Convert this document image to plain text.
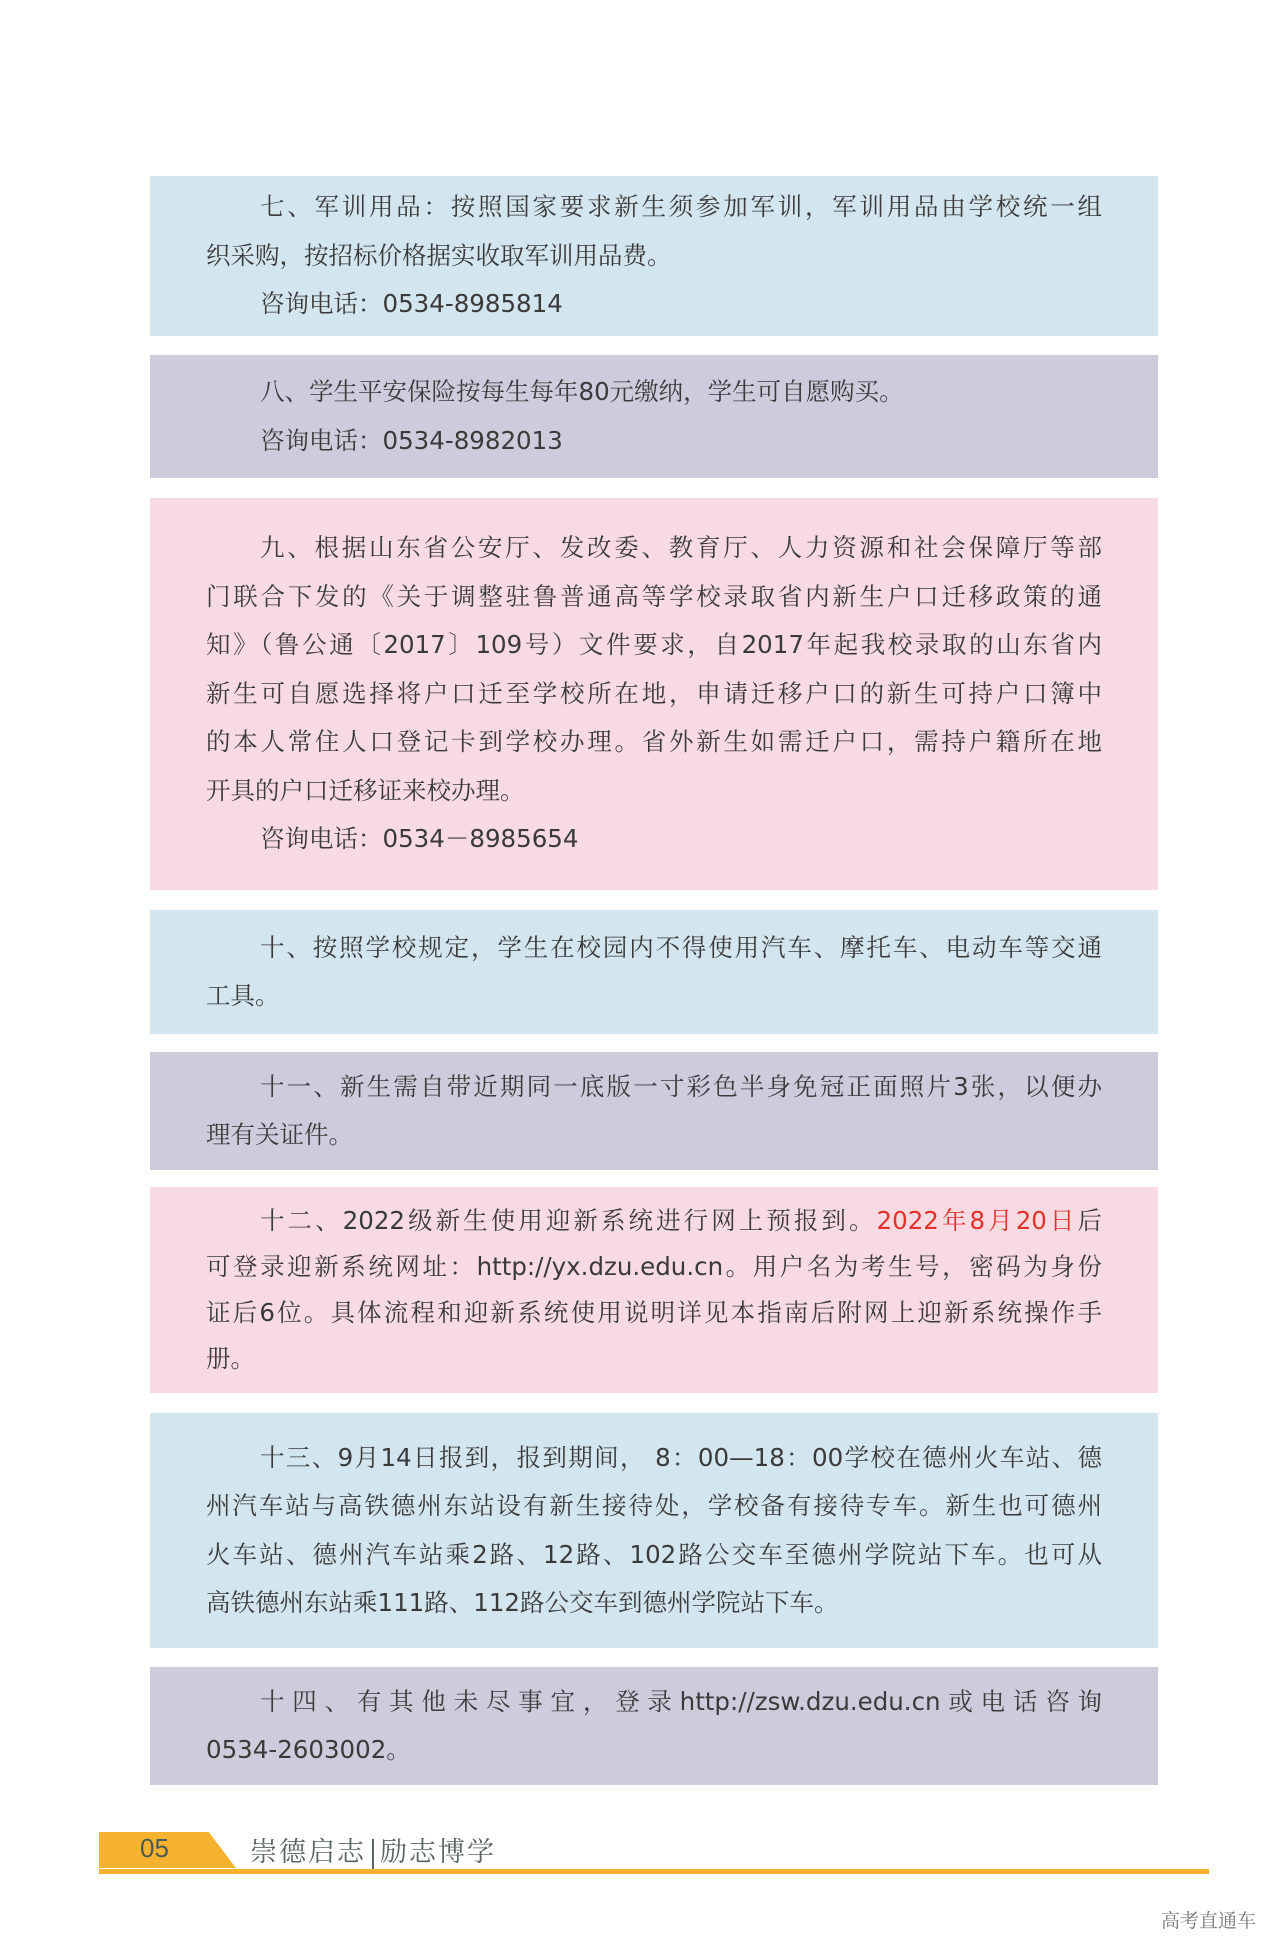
七、军训用品：按照国家要求新生须参加军训，军训用品由学校统一组
织采购，按招标价格据实收取军训用品费。
咨询电话：0534-8985814
八、学生平安保险按每生每年80元缴纳，学生可自愿购买。
咨询电话：0534-8982013
九、根据山东省公安厅、发改委、教育厅、人力资源和社会保障厅等部
门联合下发的《关于调整驻鲁普通高等学校录取省内新生户口迁移政策的通
知》（鲁公通〔2017〕109号）文件要求，自2017年起我校录取的山东省内
新生可自愿选择将户口迁至学校所在地，申请迁移户口的新生可持户口簿中
的本人常住人口登记卡到学校办理。省外新生如需迁户口，需持户籍所在地
开具的户口迁移证来校办理。
咨询电话：0534－8985654
十、按照学校规定，学生在校园内不得使用汽车、摩托车、电动车等交通
工具。
十一、新生需自带近期同一底版一寸彩色半身免冠正面照片3张，以便办
理有关证件。
十二、2022级新生使用迎新系统进行网上预报到。2022年8月20日后
可登录迎新系统网址：http://yx.dzu.edu.cn。用户名为考生号，密码为身份
证后6位。具体流程和迎新系统使用说明详见本指南后附网上迎新系统操作手
册。
十三、9月14日报到，报到期间， 8：00—18：00学校在德州火车站、德
州汽车站与高铁德州东站设有新生接待处，学校备有接待专车。新生也可德州
火车站、德州汽车站乘2路、12路、102路公交车至德州学院站下车。也可从
高铁德州东站乘111路、112路公交车到德州学院站下车。
十四、有其他未尽事宜，登录http://zsw.dzu.edu.cn或电话咨询
0534-2603002。
05	崇德启志 励志博学
高考直通车
